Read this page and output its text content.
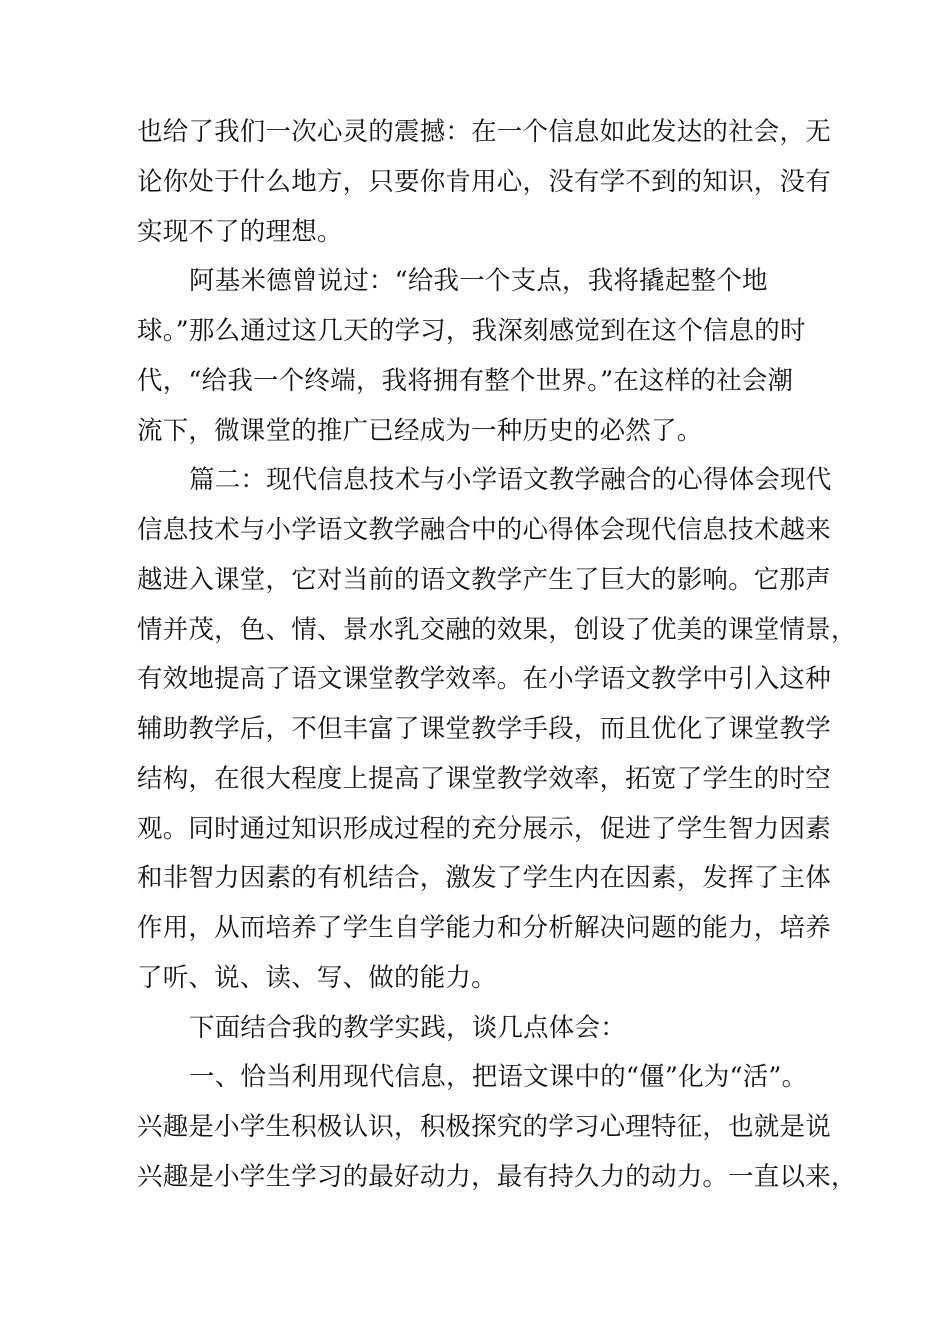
也给了我们一次心灵的震撼：在一个信息如此发达的社会，无
论你处于什么地方，只要你肯用心，没有学不到的知识，没有
实现不了的理想。
阿基米德曾说过：“给我一个支点，我将撬起整个地
球。”那么通过这几天的学习，我深刻感觉到在这个信息的时
代，“给我一个终端，我将拥有整个世界。”在这样的社会潮
流下，微课堂的推广已经成为一种历史的必然了。
篇二：现代信息技术与小学语文教学融合的心得体会现代
信息技术与小学语文教学融合中的心得体会现代信息技术越来
越进入课堂，它对当前的语文教学产生了巨大的影响。它那声
情并茂，色、情、景水乳交融的效果，创设了优美的课堂情景，
有效地提高了语文课堂教学效率。在小学语文教学中引入这种
辅助教学后，不但丰富了课堂教学手段，而且优化了课堂教学
结构，在很大程度上提高了课堂教学效率，拓宽了学生的时空
观。同时通过知识形成过程的充分展示，促进了学生智力因素
和非智力因素的有机结合，激发了学生内在因素，发挥了主体
作用，从而培养了学生自学能力和分析解决问题的能力，培养
了听、说、读、写、做的能力。
下面结合我的教学实践，谈几点体会：
一、恰当利用现代信息，把语文课中的“僵”化为“活”。
兴趣是小学生积极认识，积极探究的学习心理特征，也就是说
兴趣是小学生学习的最好动力，最有持久力的动力。一直以来，
